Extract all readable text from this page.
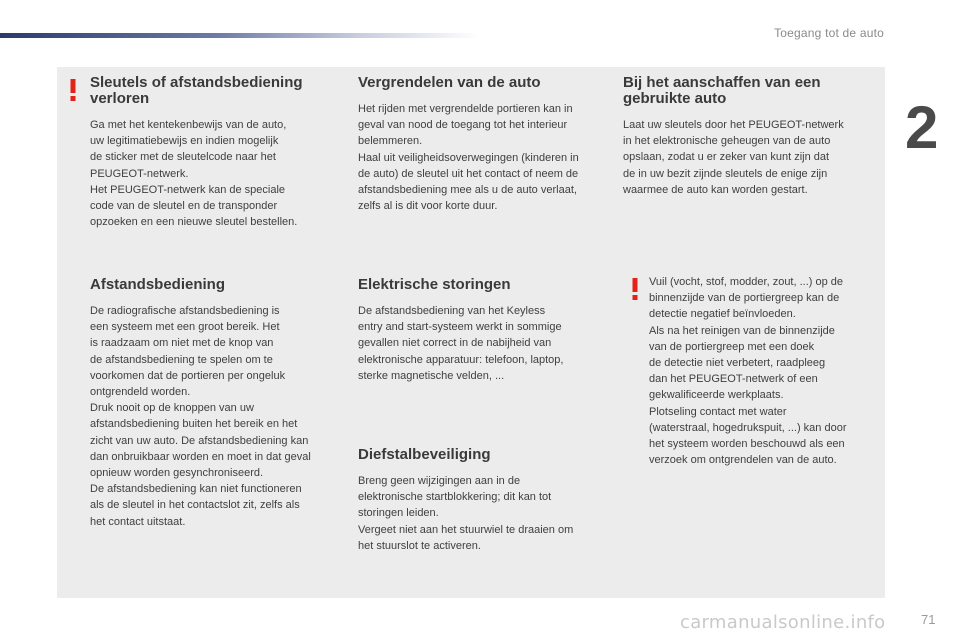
Toegang tot de auto
2
Sleutels of afstandsbediening
verloren

Ga met het kentekenbewijs van de auto,
uw legitimatiebewijs en indien mogelijk
de sticker met de sleutelcode naar het
PEUGEOT-netwerk.
Het PEUGEOT-netwerk kan de speciale
code van de sleutel en de transponder
opzoeken en een nieuwe sleutel bestellen.

Vergrendelen van de auto

Het rijden met vergrendelde portieren kan in
geval van nood de toegang tot het interieur
belemmeren.
Haal uit veiligheidsoverwegingen (kinderen in
de auto) de sleutel uit het contact of neem de
afstandsbediening mee als u de auto verlaat,
zelfs al is dit voor korte duur.

Bij het aanschaffen van een
gebruikte auto

Laat uw sleutels door het PEUGEOT-netwerk
in het elektronische geheugen van de auto
opslaan, zodat u er zeker van kunt zijn dat
de in uw bezit zijnde sleutels de enige zijn
waarmee de auto kan worden gestart.

Afstandsbediening

De radiografische afstandsbediening is
een systeem met een groot bereik. Het
is raadzaam om niet met de knop van
de afstandsbediening te spelen om te
voorkomen dat de portieren per ongeluk
ontgrendeld worden.
Druk nooit op de knoppen van uw
afstandsbediening buiten het bereik en het
zicht van uw auto. De afstandsbediening kan
dan onbruikbaar worden en moet in dat geval
opnieuw worden gesynchroniseerd.
De afstandsbediening kan niet functioneren
als de sleutel in het contactslot zit, zelfs als
het contact uitstaat.

Elektrische storingen

De afstandsbediening van het Keyless
entry and start-systeem werkt in sommige
gevallen niet correct in de nabijheid van
elektronische apparatuur: telefoon, laptop,
sterke magnetische velden, ...

Vuil (vocht, stof, modder, zout, ...) op de
binnenzijde van de portiergreep kan de
detectie negatief beïnvloeden.
Als na het reinigen van de binnenzijde
van de portiergreep met een doek
de detectie niet verbetert, raadpleeg
dan het PEUGEOT-netwerk of een
gekwalificeerde werkplaats.
Plotseling contact met water
(waterstraal, hogedrukspuit, ...) kan door
het systeem worden beschouwd als een
verzoek om ontgrendelen van de auto.

Diefstalbeveiliging

Breng geen wijzigingen aan in de
elektronische startblokkering; dit kan tot
storingen leiden.
Vergeet niet aan het stuurwiel te draaien om
het stuurslot te activeren.

carmanualsonline.info	71
